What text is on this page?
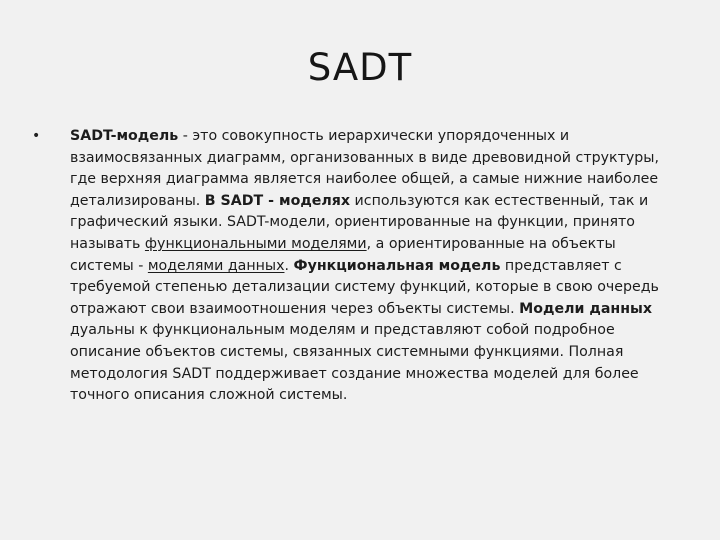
SADT
• SADT-модель - это совокупность иерархически упорядоченных и взаимосвязанных диаграмм, организованных в виде древовидной структуры, где верхняя диаграмма является наиболее общей, а самые нижние наиболее детализированы. В SADT - моделях используются как естественный, так и графический языки. SADT-модели, ориентированные на функции, принято называть функциональными моделями, а ориентированные на объекты системы - моделями данных. Функциональная модель представляет с требуемой степенью детализации систему функций, которые в свою очередь отражают свои взаимоотношения через объекты системы. Модели данных дуальны к функциональным моделям и представляют собой подробное описание объектов системы, связанных системными функциями. Полная методология SADT поддерживает создание множества моделей для более точного описания сложной системы.
